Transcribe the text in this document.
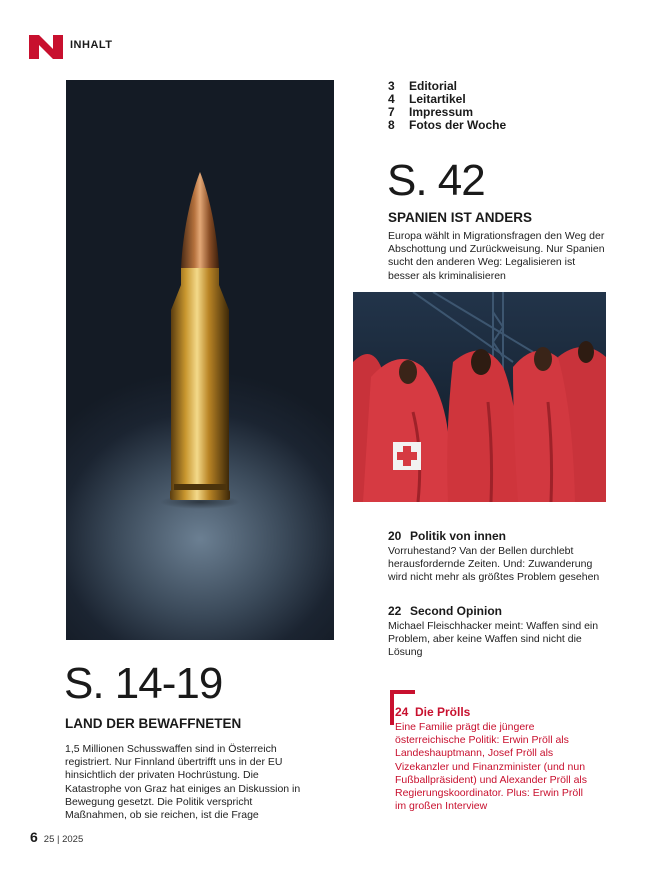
INHALT
3	Editorial
4	Leitartikel
7	Impressum
8	Fotos der Woche
S. 42
SPANIEN IST ANDERS
Europa wählt in Migrationsfragen den Weg der Abschottung und Zurückweisung. Nur Spanien sucht den anderen Weg: Legalisieren ist besser als kriminalisieren
20 Politik von innen
Vorruhestand? Van der Bellen durchlebt herausfordernde Zeiten. Und: Zuwanderung wird nicht mehr als größtes Problem gesehen
22 Second Opinion
Michael Fleischhacker meint: Waffen sind ein Problem, aber keine Waffen sind nicht die Lösung
24 Die Prölls
Eine Familie prägt die jüngere österreichische Politik: Erwin Pröll als Landeshauptmann, Josef Pröll als Vizekanzler und Finanzminister (und nun Fußballpräsident) und Alexander Pröll als Regierungskoordinator. Plus: Erwin Pröll im großen Interview
S. 14-19
LAND DER BEWAFFNETEN
1,5 Millionen Schusswaffen sind in Österreich registriert. Nur Finnland übertrifft uns in der EU hinsichtlich der privaten Hochrüstung. Die Katastrophe von Graz hat einiges an Diskussion in Bewegung gesetzt. Die Politik verspricht Maßnahmen, ob sie reichen, ist die Frage
6 25 | 2025
